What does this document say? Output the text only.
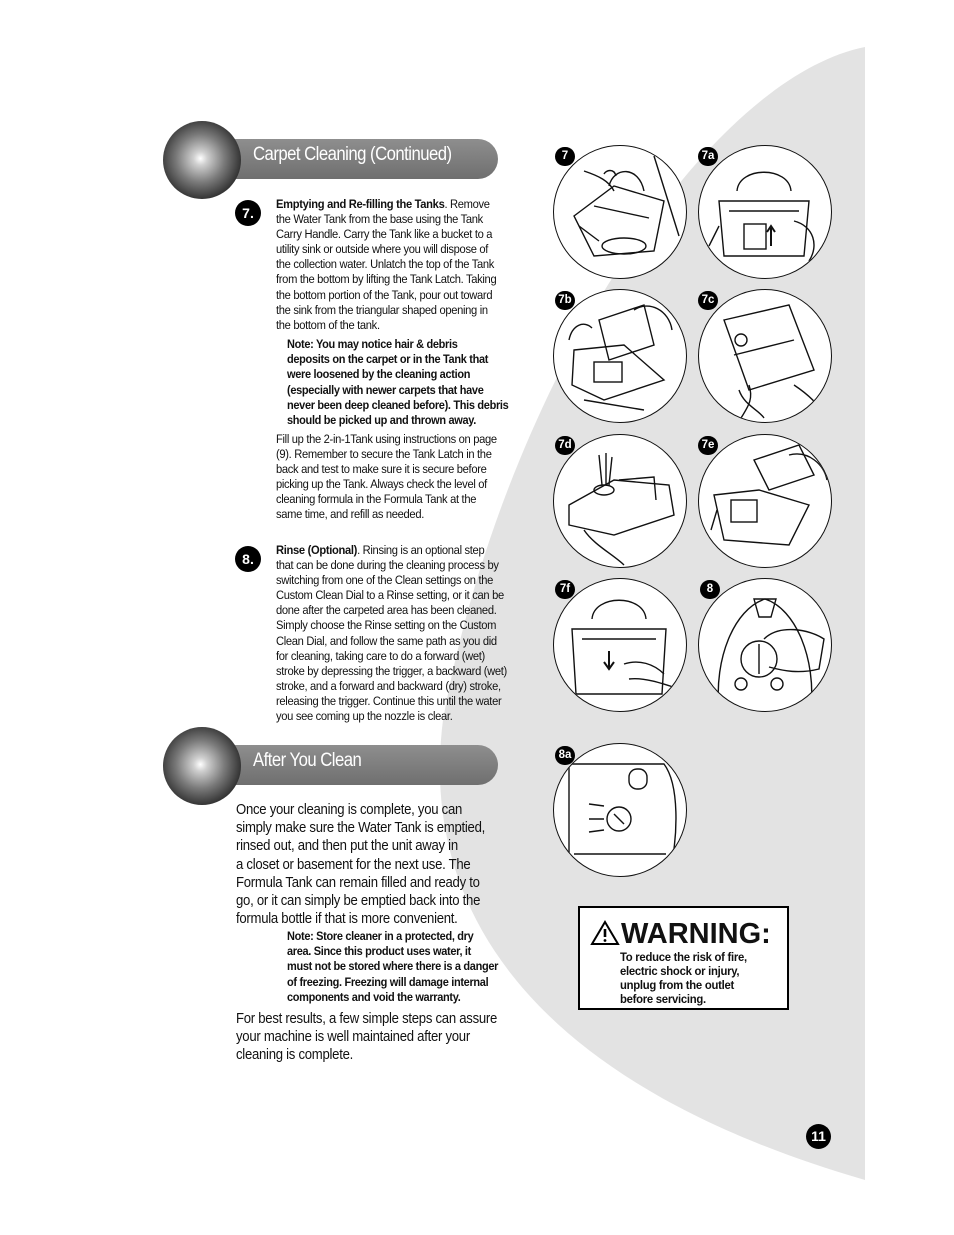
Carpet Cleaning (Continued)
7.
Emptying and Re-filling the Tanks. Remove
the Water Tank from the base using the Tank
Carry Handle. Carry the Tank like a bucket to a
utility sink or outside where you will dispose of
the collection water. Unlatch the top of the Tank
from the bottom by lifting the Tank Latch. Taking
the bottom portion of the Tank, pour out toward
the sink from the triangular shaped opening in
the bottom of the tank.
Note: You may notice hair & debris
deposits on the carpet or in the Tank that
were loosened by the cleaning action
(especially with newer carpets that have
never been deep cleaned before). This debris
should be picked up and thrown away.
Fill up the 2-in-1Tank using instructions on page
(9). Remember to secure the Tank Latch in the
back and test to make sure it is secure before
picking up the Tank. Always check the level of
cleaning formula in the Formula Tank at the
same time, and refill as needed.
8.
Rinse (Optional). Rinsing is an optional step
that can be done during the cleaning process by
switching from one of the Clean settings on the
Custom Clean Dial to a Rinse setting, or it can be
done after the carpeted area has been cleaned.
Simply choose the Rinse setting on the Custom
Clean Dial, and follow the same path as you did
for cleaning, taking care to do a forward (wet)
stroke by depressing the trigger, a backward (wet)
stroke, and a forward and backward (dry) stroke,
releasing the trigger. Continue this until the water
you see coming up the nozzle is clear.
After You Clean
Once your cleaning is complete, you can
simply make sure the Water Tank is emptied,
rinsed out, and then put the unit away in
a closet or basement for the next use. The
Formula Tank can remain filled and ready to
go, or it can simply be emptied back into the
formula bottle if that is more convenient.
Note: Store cleaner in a protected, dry
area. Since this product uses water, it
must not be stored where there is a danger
of freezing. Freezing will damage internal
components and void the warranty.
For best results, a few simple steps can assure
your machine is well maintained after your
cleaning is complete.
7	7a
7b	7c
7d	7e
7f	8
8a
WARNING:
To reduce the risk of fire,
electric shock or injury,
unplug from the outlet
before servicing.
11
